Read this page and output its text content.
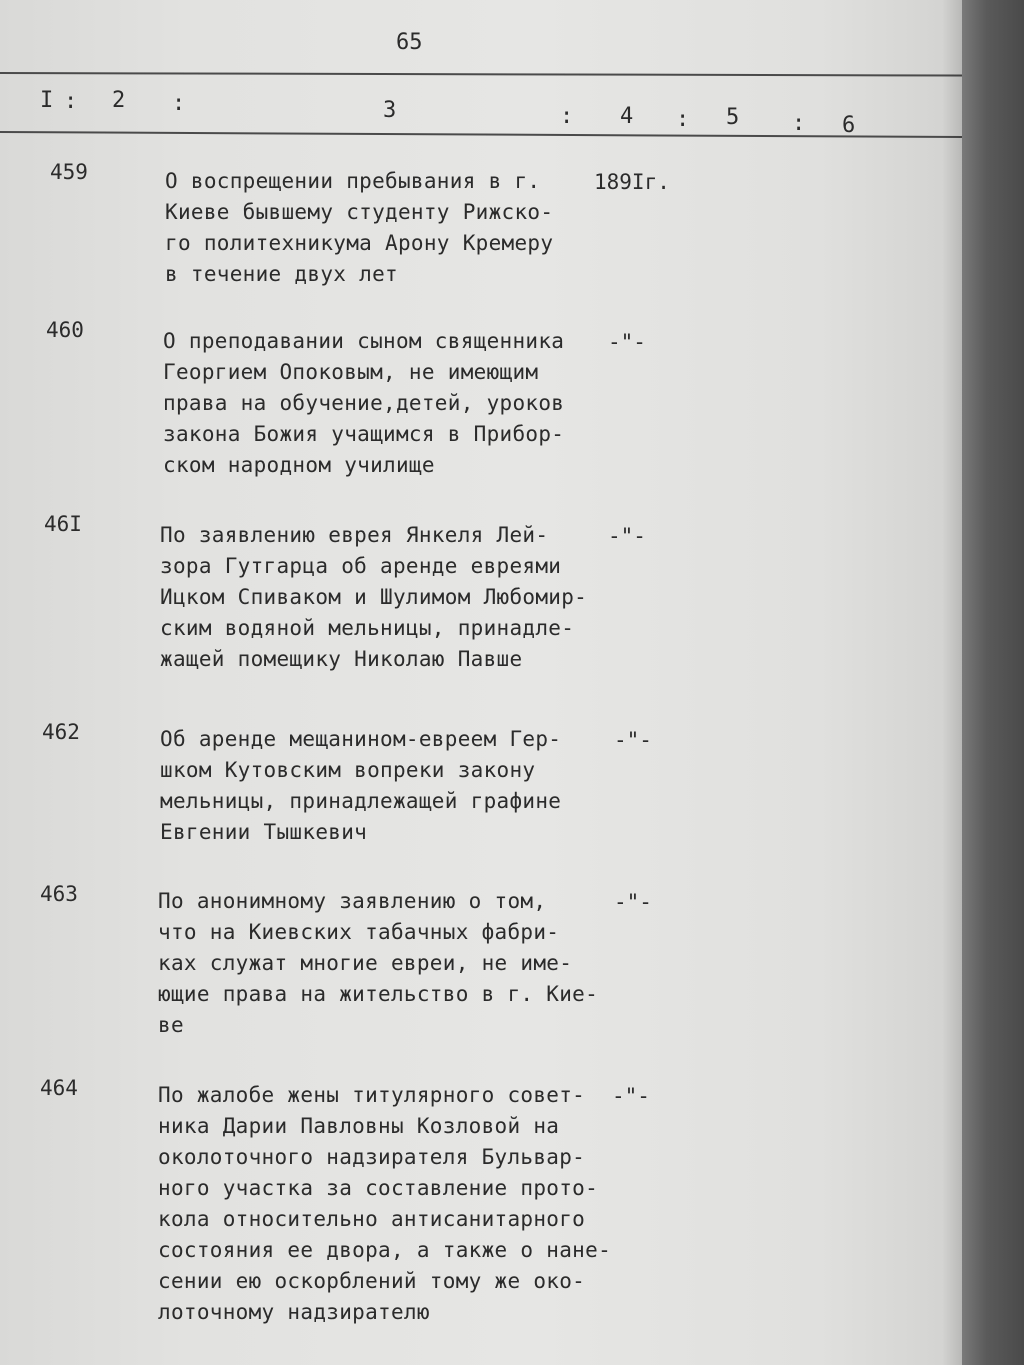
65
I : 2 :	3	: 4 : 5 : 6
459	О воспрещении пребывания в г.
Киеве бывшему студенту Рижско-
го политехникума Арону Кремеру
в течение двух лет
189Iг.
460	О преподавании сыном священника
Георгием Опоковым, не имеющим
права на обучение,детей, уроков
закона Божия учащимся в Прибор-
ском народном училище
-"-
46I	По заявлению еврея Янкеля Лей-
зора Гутгарца об аренде евреями
Ицком Спиваком и Шулимом Любомир-
ским водяной мельницы, принадле-
жащей помещику Николаю Павше
-"-
462	Об аренде мещанином-евреем Гер-
шком Кутовским вопреки закону
мельницы, принадлежащей графине
Евгении Тышкевич
-"-
463	По анонимному заявлению о том,
что на Киевских табачных фабри-
ках служат многие евреи, не име-
ющие права на жительство в г. Кие-
ве
-"-
464	По жалобе жены титулярного совет-
ника Дарии Павловны Козловой на
околоточного надзирателя Бульвар-
ного участка за составление прото-
кола относительно антисанитарного
состояния ее двора, а также о нане-
сении ею оскорблений тому же око-
лоточному надзирателю
-"-
